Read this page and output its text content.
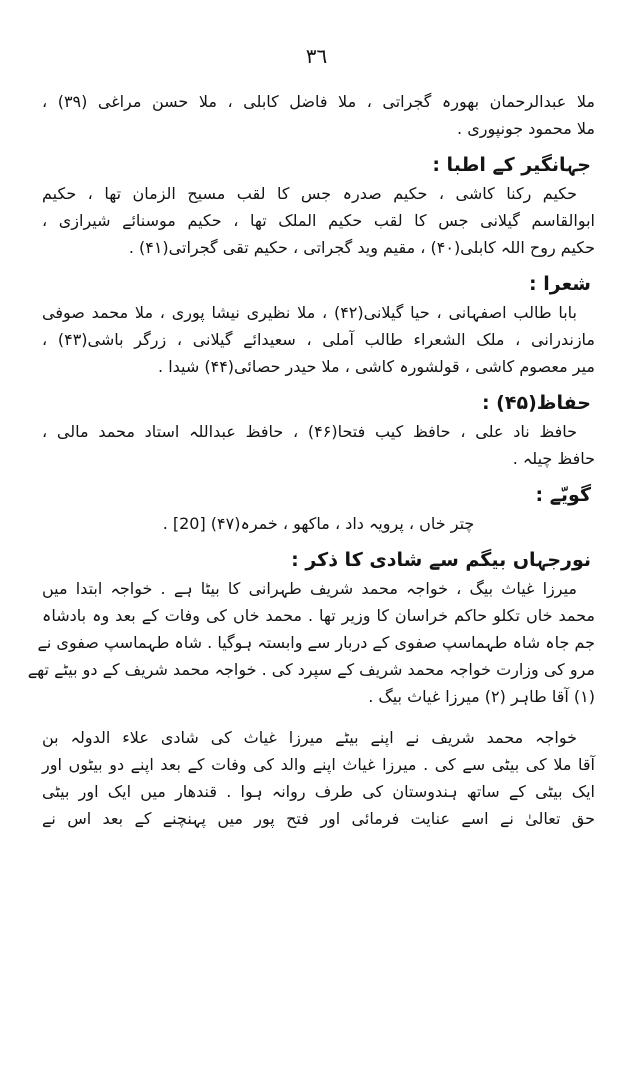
٣٦
ملا عبدالرحمان بھورہ گجراتی ، ملا فاضل کابلی ، ملا حسن مراغی (۳۹) ،
ملا محمود جونپوری .
جہانگیر کے اطبا :
حکیم رکنا کاشی ، حکیم صدرہ جس کا لقب مسیح الزمان تھا ، حکیم
ابوالقاسم گیلانی جس کا لقب حکیم الملک تھا ، حکیم موسنائے شیرازی ،
حکیم روح اللہ کابلی(۴۰) ، مقیم وید گجراتی ، حکیم تقی گجراتی(۴۱) .
شعرا :
بابا طالب اصفہانی ، حیا گیلانی(۴۲) ، ملا نظیری نیشا پوری ، ملا محمد صوفی
مازندرانی ، ملک الشعراء طالب آملی ، سعیدائے گیلانی ، زرگر باشی(۴۳) ،
میر معصوم کاشی ، قولشورہ کاشی ، ملا حیدر حصائی(۴۴) شیدا .
حفاظ(۴۵) :
حافظ ناد علی ، حافظ کیب فتحا(۴۶) ، حافظ عبداللہ استاد محمد مالی ،
حافظ چیلہ .
گویّے :
چتر خاں ، پرویہ داد ، ماکھو ، خمرہ(۴۷) [20] .
نورجہاں بیگم سے شادی کا ذکر :
میرزا غیاث بیگ ، خواجہ محمد شریف طہرانی کا بیٹا ہے . خواجہ ابتدا میں
محمد خاں تکلو حاکم خراسان کا وزیر تھا . محمد خاں کی وفات کے بعد وہ بادشاہ
جم جاہ شاہ طہماسپ صفوی کے دربار سے وابستہ ہوگیا . شاہ طہماسپ صفوی نے
مرو کی وزارت خواجہ محمد شریف کے سپرد کی . خواجہ محمد شریف کے دو بیٹے تھے
(۱) آقا طاہر (۲) میرزا غیاث بیگ .
خواجہ محمد شریف نے اپنے بیٹے میرزا غیاث کی شادی علاء الدولہ بن
آقا ملا کی بیٹی سے کی . میرزا غیاث اپنے والد کی وفات کے بعد اپنے دو بیٹوں اور
ایک بیٹی کے ساتھ ہندوستان کی طرف روانہ ہوا . قندھار میں ایک اور بیٹی
حق تعالیٰ نے اسے عنایت فرمائی اور فتح پور میں پہنچنے کے بعد اس نے
